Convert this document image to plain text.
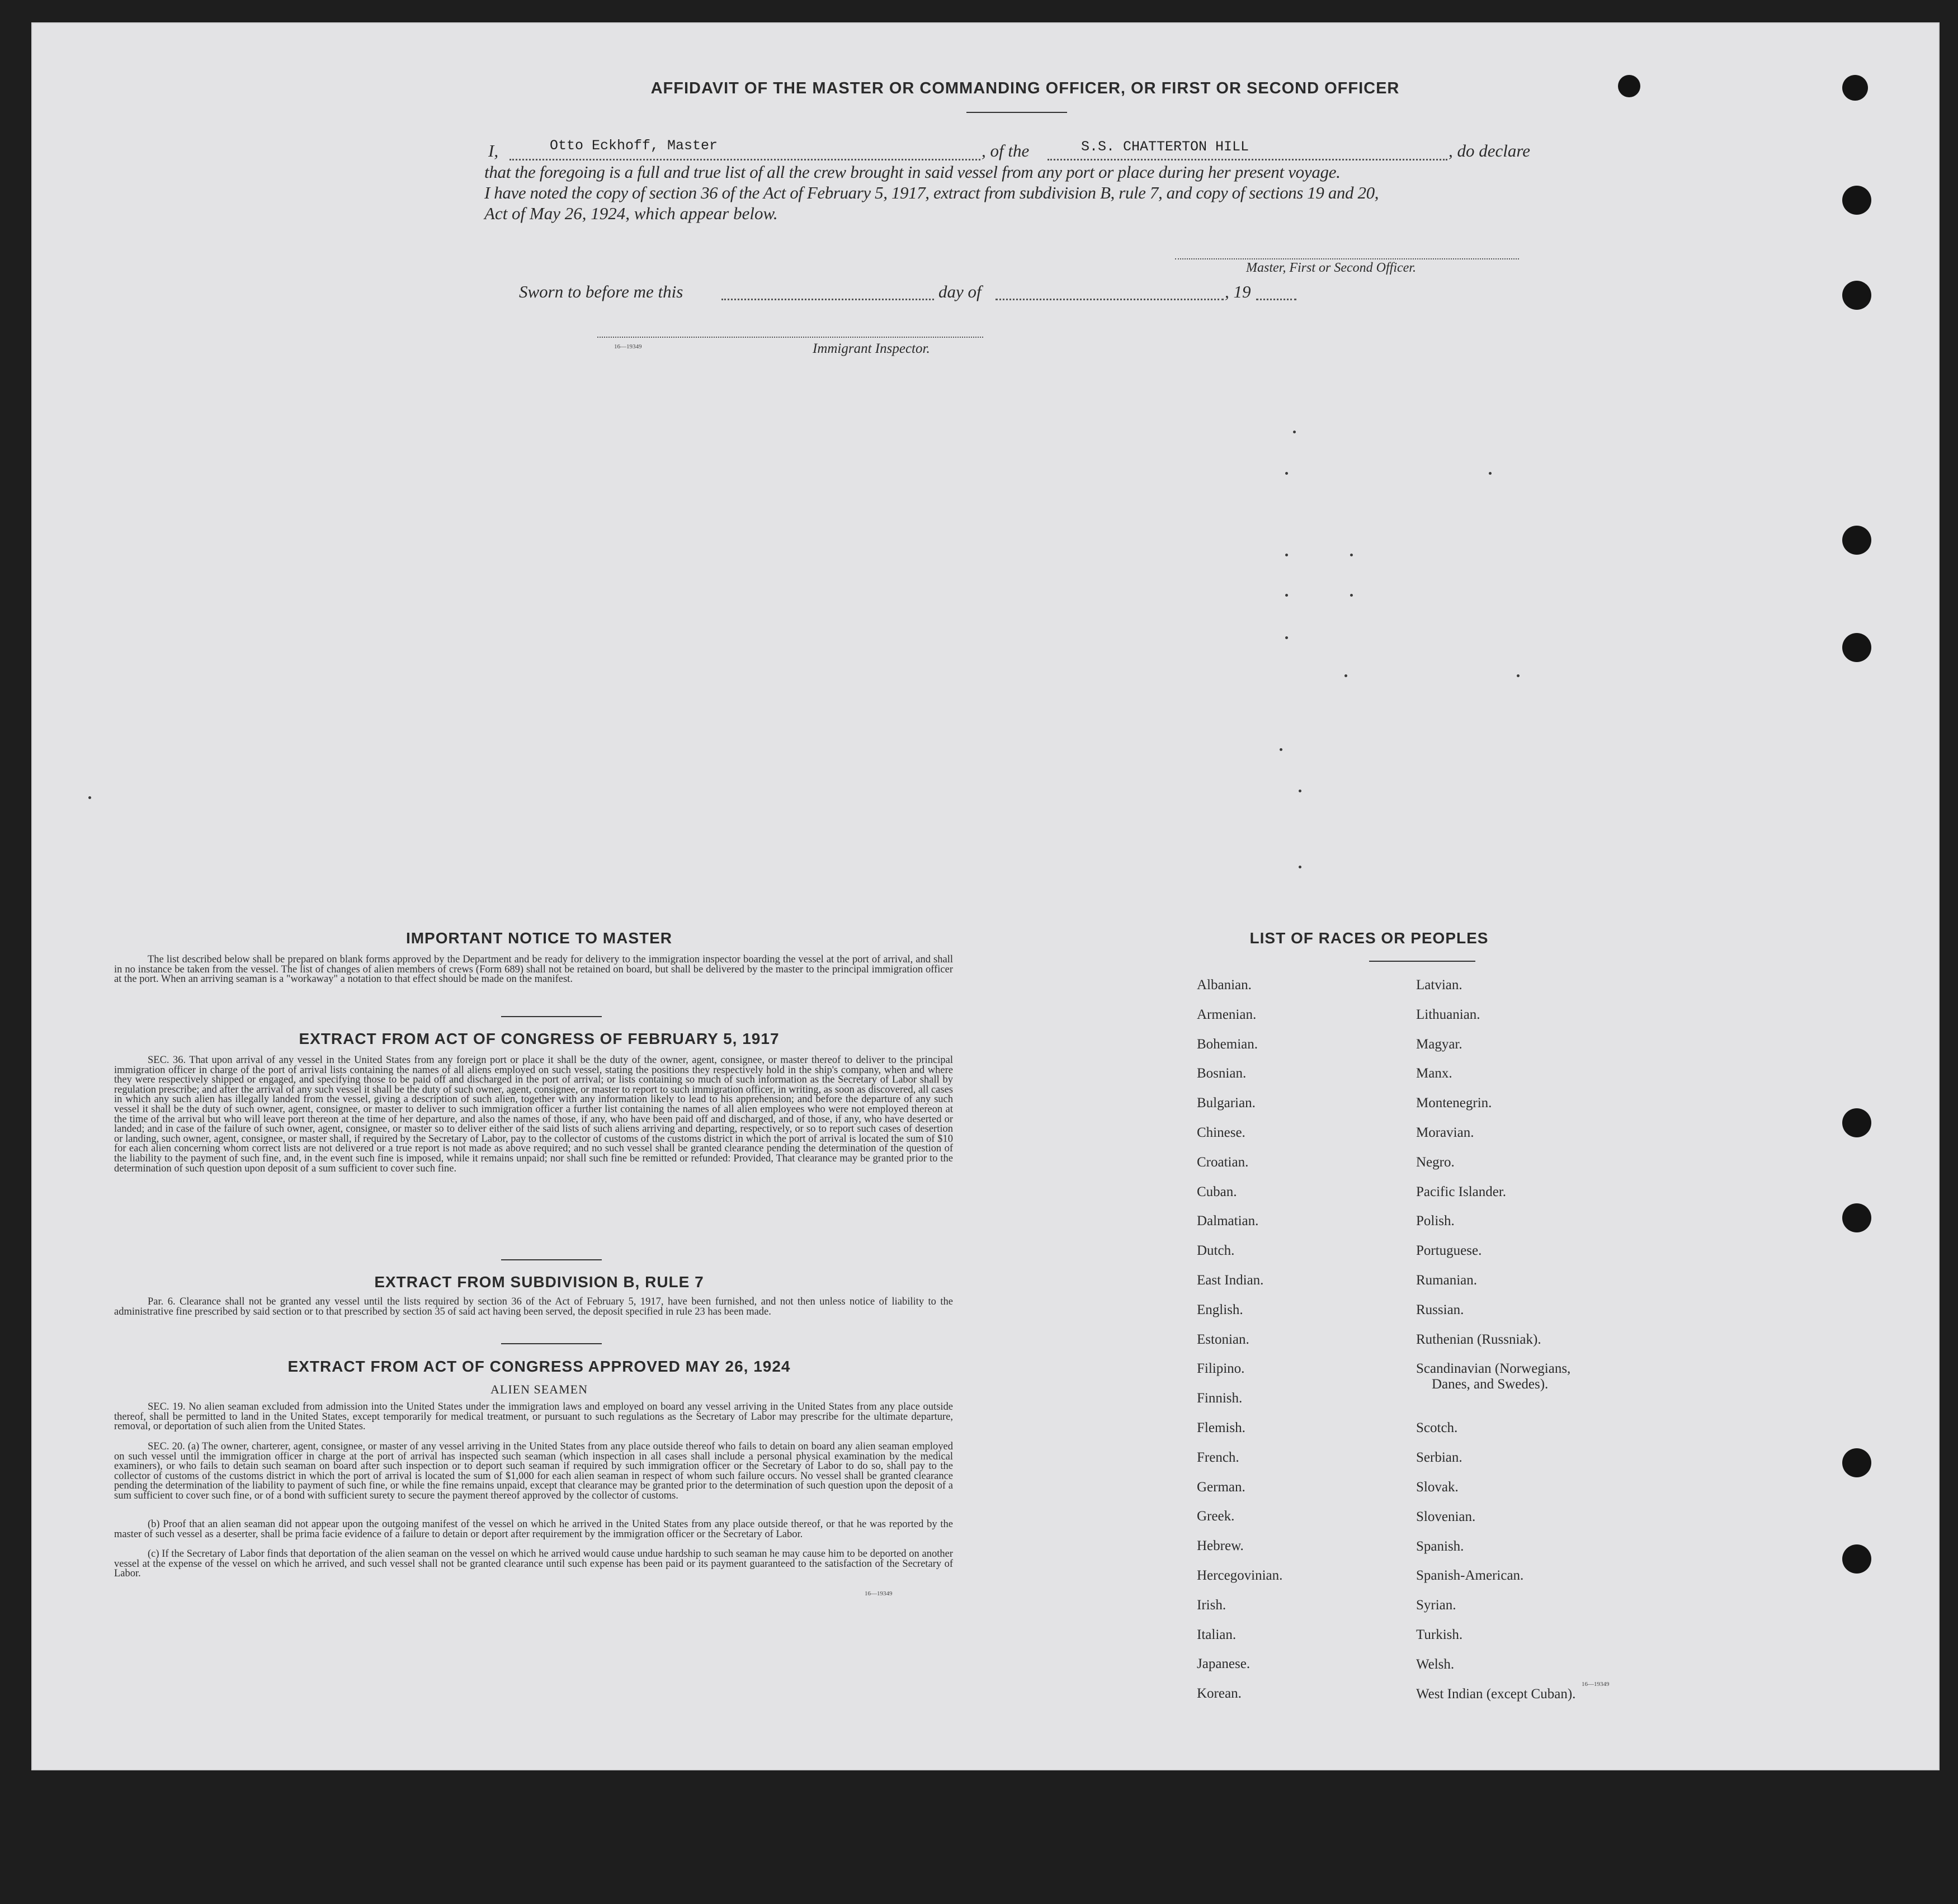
AFFIDAVIT OF THE MASTER OR COMMANDING OFFICER, OR FIRST OR SECOND OFFICER
I,	Otto Eckhoff, Master	, of the	S.S. CHATTERTON HILL	, do declare
that the foregoing is a full and true list of all the crew brought in said vessel from any port or place during her present voyage.
I have noted the copy of section 36 of the Act of February 5, 1917, extract from subdivision B, rule 7, and copy of sections 19 and 20,
Act of May 26, 1924, which appear below.
Master, First or Second Officer.
Sworn to before me this	day of	, 19
16—19349	Immigrant Inspector.
IMPORTANT NOTICE TO MASTER
The list described below shall be prepared on blank forms approved by the Department and be ready for delivery to the immigration inspector boarding the vessel at the port of arrival, and shall in no instance be taken from the vessel. The list of changes of alien members of crews (Form 689) shall not be retained on board, but shall be delivered by the master to the principal immigration officer at the port. When an arriving seaman is a "workaway" a notation to that effect should be made on the manifest.
EXTRACT FROM ACT OF CONGRESS OF FEBRUARY 5, 1917
SEC. 36. That upon arrival of any vessel in the United States from any foreign port or place it shall be the duty of the owner, agent, consignee, or master thereof to deliver to the principal immigration officer in charge of the port of arrival lists containing the names of all aliens employed on such vessel, stating the positions they respectively hold in the ship's company, when and where they were respectively shipped or engaged, and specifying those to be paid off and discharged in the port of arrival; or lists containing so much of such information as the Secretary of Labor shall by regulation prescribe; and after the arrival of any such vessel it shall be the duty of such owner, agent, consignee, or master to report to such immigration officer, in writing, as soon as discovered, all cases in which any such alien has illegally landed from the vessel, giving a description of such alien, together with any information likely to lead to his apprehension; and before the departure of any such vessel it shall be the duty of such owner, agent, consignee, or master to deliver to such immigration officer a further list containing the names of all alien employees who were not employed thereon at the time of the arrival but who will leave port thereon at the time of her departure, and also the names of those, if any, who have been paid off and discharged, and of those, if any, who have deserted or landed; and in case of the failure of such owner, agent, consignee, or master so to deliver either of the said lists of such aliens arriving and departing, respectively, or so to report such cases of desertion or landing, such owner, agent, consignee, or master shall, if required by the Secretary of Labor, pay to the collector of customs of the customs district in which the port of arrival is located the sum of $10 for each alien concerning whom correct lists are not delivered or a true report is not made as above required; and no such vessel shall be granted clearance pending the determination of the question of the liability to the payment of such fine, and, in the event such fine is imposed, while it remains unpaid; nor shall such fine be remitted or refunded: Provided, That clearance may be granted prior to the determination of such question upon deposit of a sum sufficient to cover such fine.
EXTRACT FROM SUBDIVISION B, RULE 7
Par. 6. Clearance shall not be granted any vessel until the lists required by section 36 of the Act of February 5, 1917, have been furnished, and not then unless notice of liability to the administrative fine prescribed by said section or to that prescribed by section 35 of said act having been served, the deposit specified in rule 23 has been made.
EXTRACT FROM ACT OF CONGRESS APPROVED MAY 26, 1924
ALIEN SEAMEN
SEC. 19. No alien seaman excluded from admission into the United States under the immigration laws and employed on board any vessel arriving in the United States from any place outside thereof, shall be permitted to land in the United States, except temporarily for medical treatment, or pursuant to such regulations as the Secretary of Labor may prescribe for the ultimate departure, removal, or deportation of such alien from the United States.
SEC. 20. (a) The owner, charterer, agent, consignee, or master of any vessel arriving in the United States from any place outside thereof who fails to detain on board any alien seaman employed on such vessel until the immigration officer in charge at the port of arrival has inspected such seaman (which inspection in all cases shall include a personal physical examination by the medical examiners), or who fails to detain such seaman on board after such inspection or to deport such seaman if required by such immigration officer or the Secretary of Labor to do so, shall pay to the collector of customs of the customs district in which the port of arrival is located the sum of $1,000 for each alien seaman in respect of whom such failure occurs. No vessel shall be granted clearance pending the determination of the liability to payment of such fine, or while the fine remains unpaid, except that clearance may be granted prior to the determination of such question upon the deposit of a sum sufficient to cover such fine, or of a bond with sufficient surety to secure the payment thereof approved by the collector of customs.
(b) Proof that an alien seaman did not appear upon the outgoing manifest of the vessel on which he arrived in the United States from any place outside thereof, or that he was reported by the master of such vessel as a deserter, shall be prima facie evidence of a failure to detain or deport after requirement by the immigration officer or the Secretary of Labor.
(c) If the Secretary of Labor finds that deportation of the alien seaman on the vessel on which he arrived would cause undue hardship to such seaman he may cause him to be deported on another vessel at the expense of the vessel on which he arrived, and such vessel shall not be granted clearance until such expense has been paid or its payment guaranteed to the satisfaction of the Secretary of Labor.
16—19349
LIST OF RACES OR PEOPLES
Albanian.
Armenian.
Bohemian.
Bosnian.
Bulgarian.
Chinese.
Croatian.
Cuban.
Dalmatian.
Dutch.
East Indian.
English.
Estonian.
Filipino.
Finnish.
Flemish.
French.
German.
Greek.
Hebrew.
Hercegovinian.
Irish.
Italian.
Japanese.
Korean.
Latvian.
Lithuanian.
Magyar.
Manx.
Montenegrin.
Moravian.
Negro.
Pacific Islander.
Polish.
Portuguese.
Rumanian.
Russian.
Ruthenian (Russniak).
Scandinavian (Norwegians,
Danes, and Swedes).
Scotch.
Serbian.
Slovak.
Slovenian.
Spanish.
Spanish-American.
Syrian.
Turkish.
Welsh.
West Indian (except Cuban).
16—19349
